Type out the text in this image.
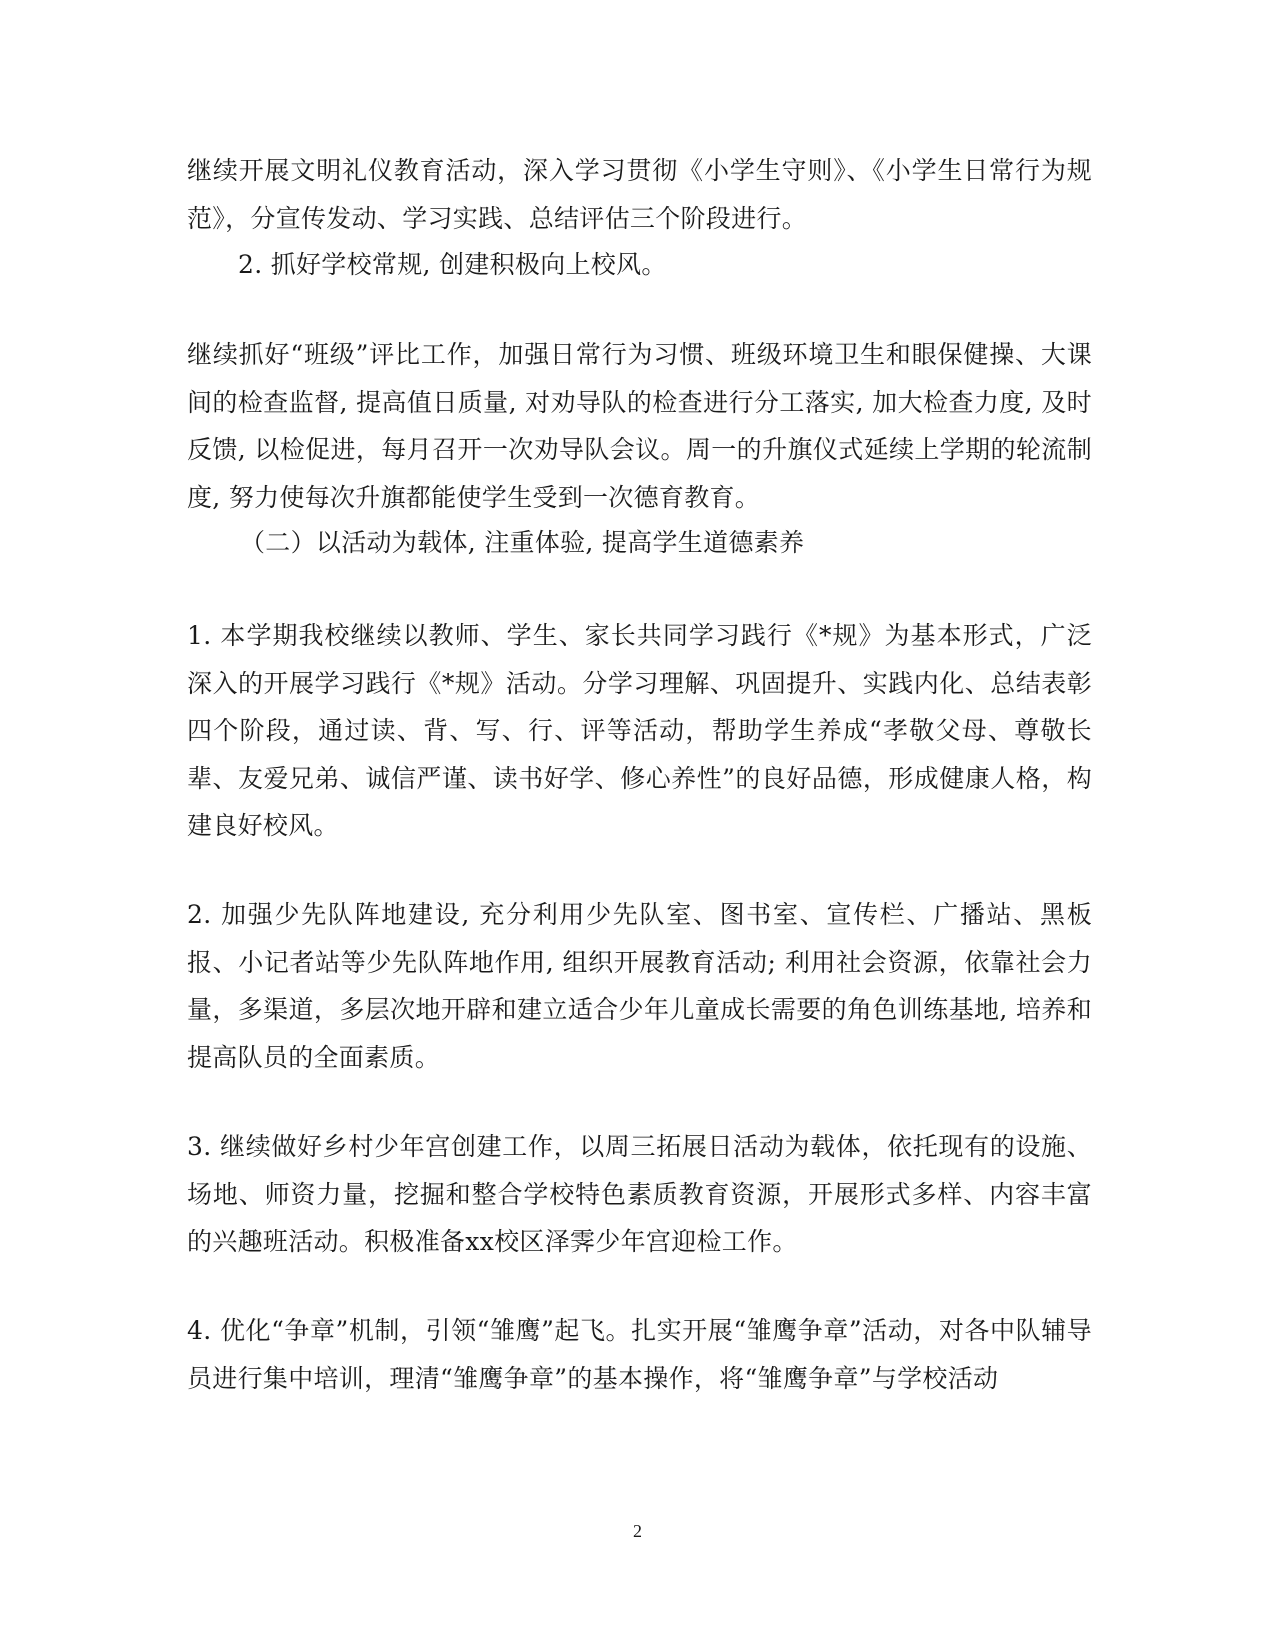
继续开展文明礼仪教育活动，深入学习贯彻《小学生守则》、《小学生日常行为规范》，分宣传发动、学习实践、总结评估三个阶段进行。

2. 抓好学校常规, 创建积极向上校风。

继续抓好“班级”评比工作，加强日常行为习惯、班级环境卫生和眼保健操、大课间的检查监督, 提高值日质量, 对劝导队的检查进行分工落实, 加大检查力度, 及时反馈, 以检促进，每月召开一次劝导队会议。周一的升旗仪式延续上学期的轮流制度, 努力使每次升旗都能使学生受到一次德育教育。

（二）以活动为载体, 注重体验, 提高学生道德素养

1. 本学期我校继续以教师、学生、家长共同学习践行《*规》为基本形式，广泛深入的开展学习践行《*规》活动。分学习理解、巩固提升、实践内化、总结表彰四个阶段，通过读、背、写、行、评等活动，帮助学生养成“孝敬父母、尊敬长辈、友爱兄弟、诚信严谨、读书好学、修心养性”的良好品德，形成健康人格，构建良好校风。

2. 加强少先队阵地建设, 充分利用少先队室、图书室、宣传栏、广播站、黑板报、小记者站等少先队阵地作用, 组织开展教育活动; 利用社会资源，依靠社会力量，多渠道，多层次地开辟和建立适合少年儿童成长需要的角色训练基地, 培养和提高队员的全面素质。

3. 继续做好乡村少年宫创建工作，以周三拓展日活动为载体，依托现有的设施、场地、师资力量，挖掘和整合学校特色素质教育资源，开展形式多样、内容丰富的兴趣班活动。积极准备xx校区泽霁少年宫迎检工作。

4. 优化“争章”机制，引领“雏鹰”起飞。扎实开展“雏鹰争章”活动，对各中队辅导员进行集中培训，理清“雏鹰争章”的基本操作，将“雏鹰争章”与学校活动

2
